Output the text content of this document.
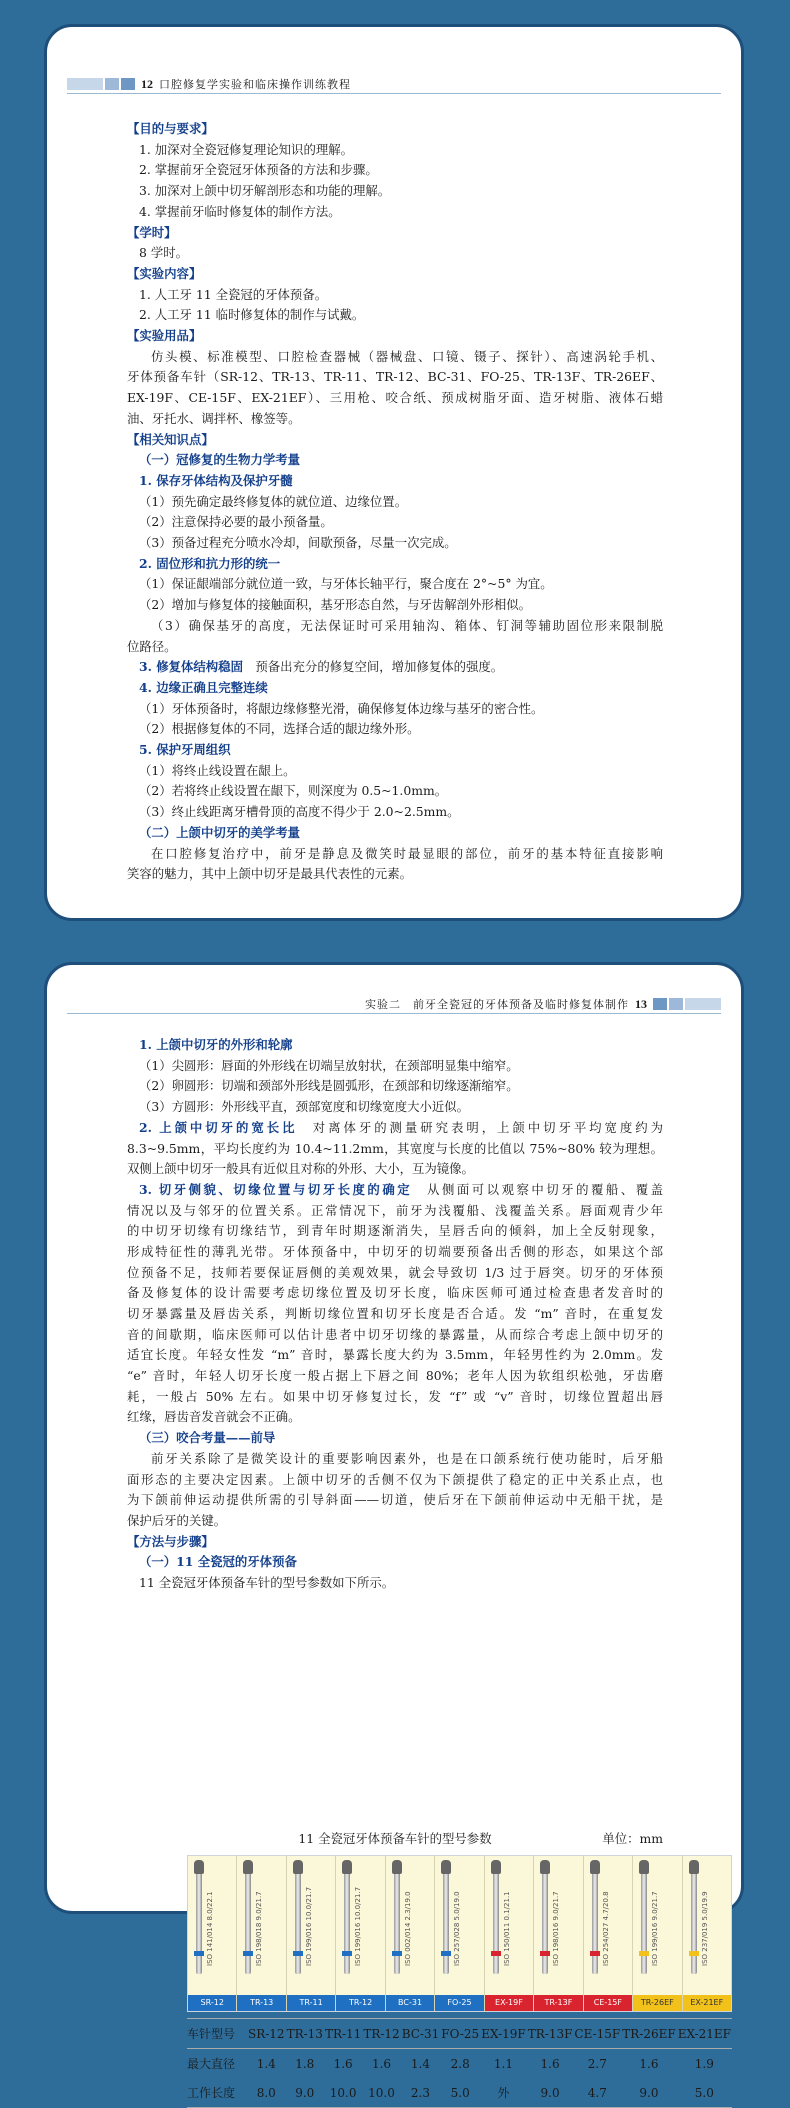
12 口腔修复学实验和临床操作训练教程
【目的与要求】
1. 加深对全瓷冠修复理论知识的理解。
2. 掌握前牙全瓷冠牙体预备的方法和步骤。
3. 加深对上颌中切牙解剖形态和功能的理解。
4. 掌握前牙临时修复体的制作方法。
【学时】
8 学时。
【实验内容】
1. 人工牙 11 全瓷冠的牙体预备。
2. 人工牙 11 临时修复体的制作与试戴。
【实验用品】
仿头模、标准模型、口腔检查器械（器械盘、口镜、镊子、探针）、高速涡轮手机、
牙体预备车针（SR-12、TR-13、TR-11、TR-12、BC-31、FO-25、TR-13F、TR-26EF、
EX-19F、CE-15F、EX-21EF）、三用枪、咬合纸、预成树脂牙面、造牙树脂、液体石蜡
油、牙托水、调拌杯、橡签等。
【相关知识点】
（一）冠修复的生物力学考量
1. 保存牙体结构及保护牙髓
（1）预先确定最终修复体的就位道、边缘位置。
（2）注意保持必要的最小预备量。
（3）预备过程充分喷水冷却，间歇预备，尽量一次完成。
2. 固位形和抗力形的统一
（1）保证龈端部分就位道一致，与牙体长轴平行，聚合度在 2°~5° 为宜。
（2）增加与修复体的接触面积，基牙形态自然，与牙齿解剖外形相似。
（3）确保基牙的高度，无法保证时可采用轴沟、箱体、钉洞等辅助固位形来限制脱
位路径。
3. 修复体结构稳固　预备出充分的修复空间，增加修复体的强度。
4. 边缘正确且完整连续
（1）牙体预备时，将龈边缘修整光滑，确保修复体边缘与基牙的密合性。
（2）根据修复体的不同，选择合适的龈边缘外形。
5. 保护牙周组织
（1）将终止线设置在龈上。
（2）若将终止线设置在龈下，则深度为 0.5~1.0mm。
（3）终止线距离牙槽骨顶的高度不得少于 2.0~2.5mm。
（二）上颌中切牙的美学考量
在口腔修复治疗中，前牙是静息及微笑时最显眼的部位，前牙的基本特征直接影响
笑容的魅力，其中上颌中切牙是最具代表性的元素。
实验二　前牙全瓷冠的牙体预备及临时修复体制作 13
1. 上颌中切牙的外形和轮廓
（1）尖圆形：唇面的外形线在切端呈放射状，在颈部明显集中缩窄。
（2）卵圆形：切端和颈部外形线是圆弧形，在颈部和切缘逐渐缩窄。
（3）方圆形：外形线平直，颈部宽度和切缘宽度大小近似。
2. 上颌中切牙的宽长比　对离体牙的测量研究表明，上颌中切牙平均宽度约为
8.3~9.5mm，平均长度约为 10.4~11.2mm，其宽度与长度的比值以 75%~80% 较为理想。
双侧上颌中切牙一般具有近似且对称的外形、大小，互为镜像。
3. 切牙侧貌、切缘位置与切牙长度的确定　从侧面可以观察中切牙的覆船、覆盖
情况以及与邻牙的位置关系。正常情况下，前牙为浅覆船、浅覆盖关系。唇面观青少年
的中切牙切缘有切缘结节，到青年时期逐渐消失，呈唇舌向的倾斜，加上全反射现象，
形成特征性的薄乳光带。牙体预备中，中切牙的切端要预备出舌侧的形态，如果这个部
位预备不足，技师若要保证唇侧的美观效果，就会导致切 1/3 过于唇突。切牙的牙体预
备及修复体的设计需要考虑切缘位置及切牙长度，临床医师可通过检查患者发音时的
切牙暴露量及唇齿关系，判断切缘位置和切牙长度是否合适。发 “m” 音时，在重复发
音的间歇期，临床医师可以估计患者中切牙切缘的暴露量，从而综合考虑上颌中切牙的
适宜长度。年轻女性发 “m” 音时，暴露长度大约为 3.5mm，年轻男性约为 2.0mm。发
“e” 音时，年轻人切牙长度一般占据上下唇之间 80%；老年人因为软组织松弛，牙齿磨
耗，一般占 50% 左右。如果中切牙修复过长，发 “f” 或 “v” 音时，切缘位置超出唇
红缘，唇齿音发音就会不正确。
（三）咬合考量——前导
前牙关系除了是微笑设计的重要影响因素外，也是在口颌系统行使功能时，后牙船
面形态的主要决定因素。上颌中切牙的舌侧不仅为下颌提供了稳定的正中关系止点，也
为下颌前伸运动提供所需的引导斜面——切道，使后牙在下颌前伸运动中无船干扰，是
保护后牙的关键。
【方法与步骤】
（一）11 全瓷冠的牙体预备
11 全瓷冠牙体预备车针的型号参数如下所示。
11 全瓷冠牙体预备车针的型号参数	单位：mm
ISO 141/014 8.0/22.1
SR-12
ISO 198/018 9.0/21.7
TR-13
ISO 199/016 10.0/21.7
TR-11
ISO 199/016 10.0/21.7
TR-12
ISO 002/014 2.3/19.0
BC-31
ISO 257/028 5.0/19.0
FO-25
ISO 150/011 0.1/21.1
EX-19F
ISO 198/016 9.0/21.7
TR-13F
ISO 254/027 4.7/20.8
CE-15F
ISO 199/016 9.0/21.7
TR-26EF
ISO 237/019 5.0/19.9
EX-21EF
车针型号	SR-12	TR-13	TR-11	TR-12	BC-31	FO-25	EX-19F	TR-13F	CE-15F	TR-26EF	EX-21EF
最大直径	1.4	1.8	1.6	1.6	1.4	2.8	1.1	1.6	2.7	1.6	1.9
工作长度	8.0	9.0	10.0	10.0	2.3	5.0	外	9.0	4.7	9.0	5.0
